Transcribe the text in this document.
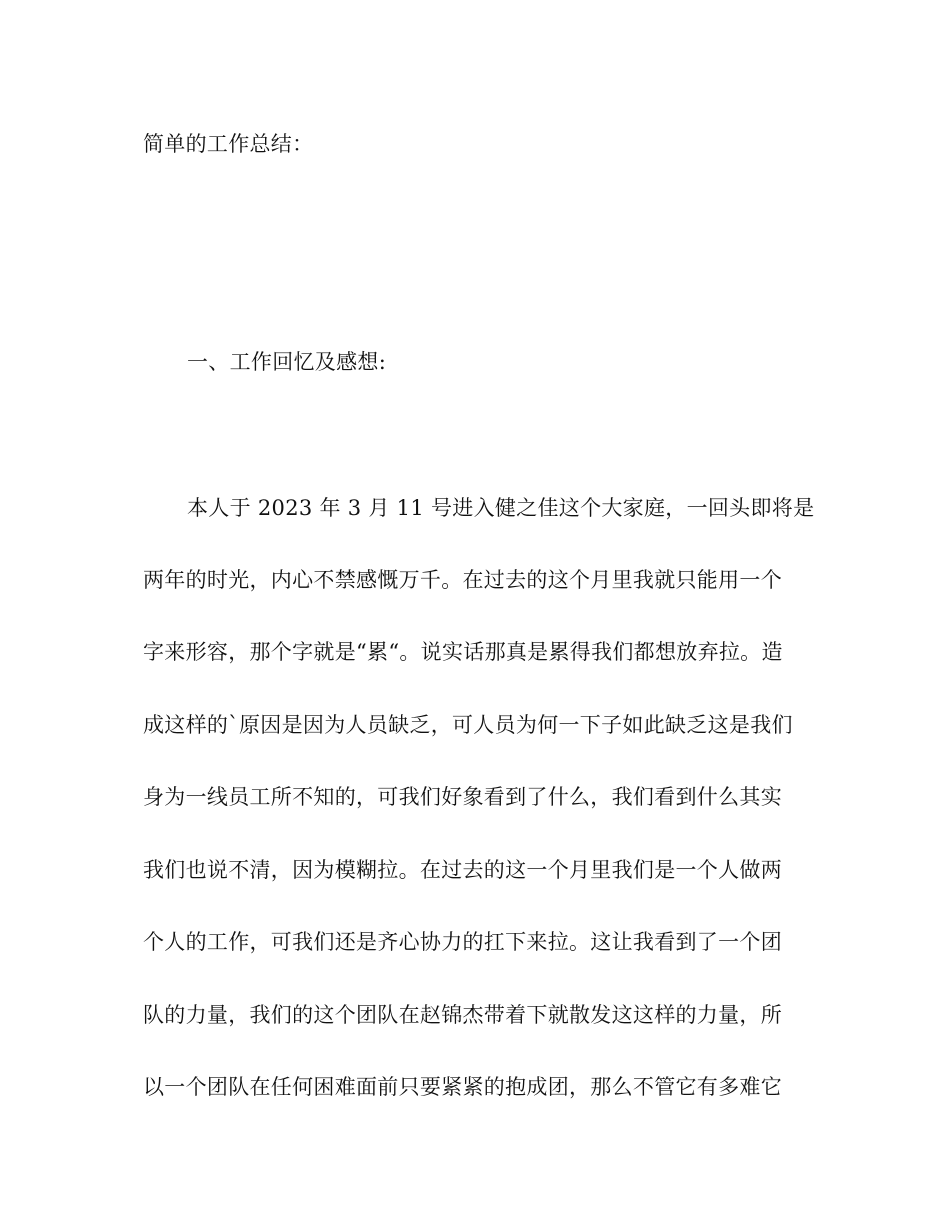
简单的工作总结：
一、工作回忆及感想:
本人于 2023 年 3 月 11 号进入健之佳这个大家庭，一回头即将是
两年的时光，内心不禁感慨万千。在过去的这个月里我就只能用一个
字来形容，那个字就是“累“。说实话那真是累得我们都想放弃拉。造
成这样的`原因是因为人员缺乏，可人员为何一下子如此缺乏这是我们
身为一线员工所不知的，可我们好象看到了什么，我们看到什么其实
我们也说不清，因为模糊拉。在过去的这一个月里我们是一个人做两
个人的工作，可我们还是齐心协力的扛下来拉。这让我看到了一个团
队的力量，我们的这个团队在赵锦杰带着下就散发这这样的力量，所
以一个团队在任何困难面前只要紧紧的抱成团，那么不管它有多难它
